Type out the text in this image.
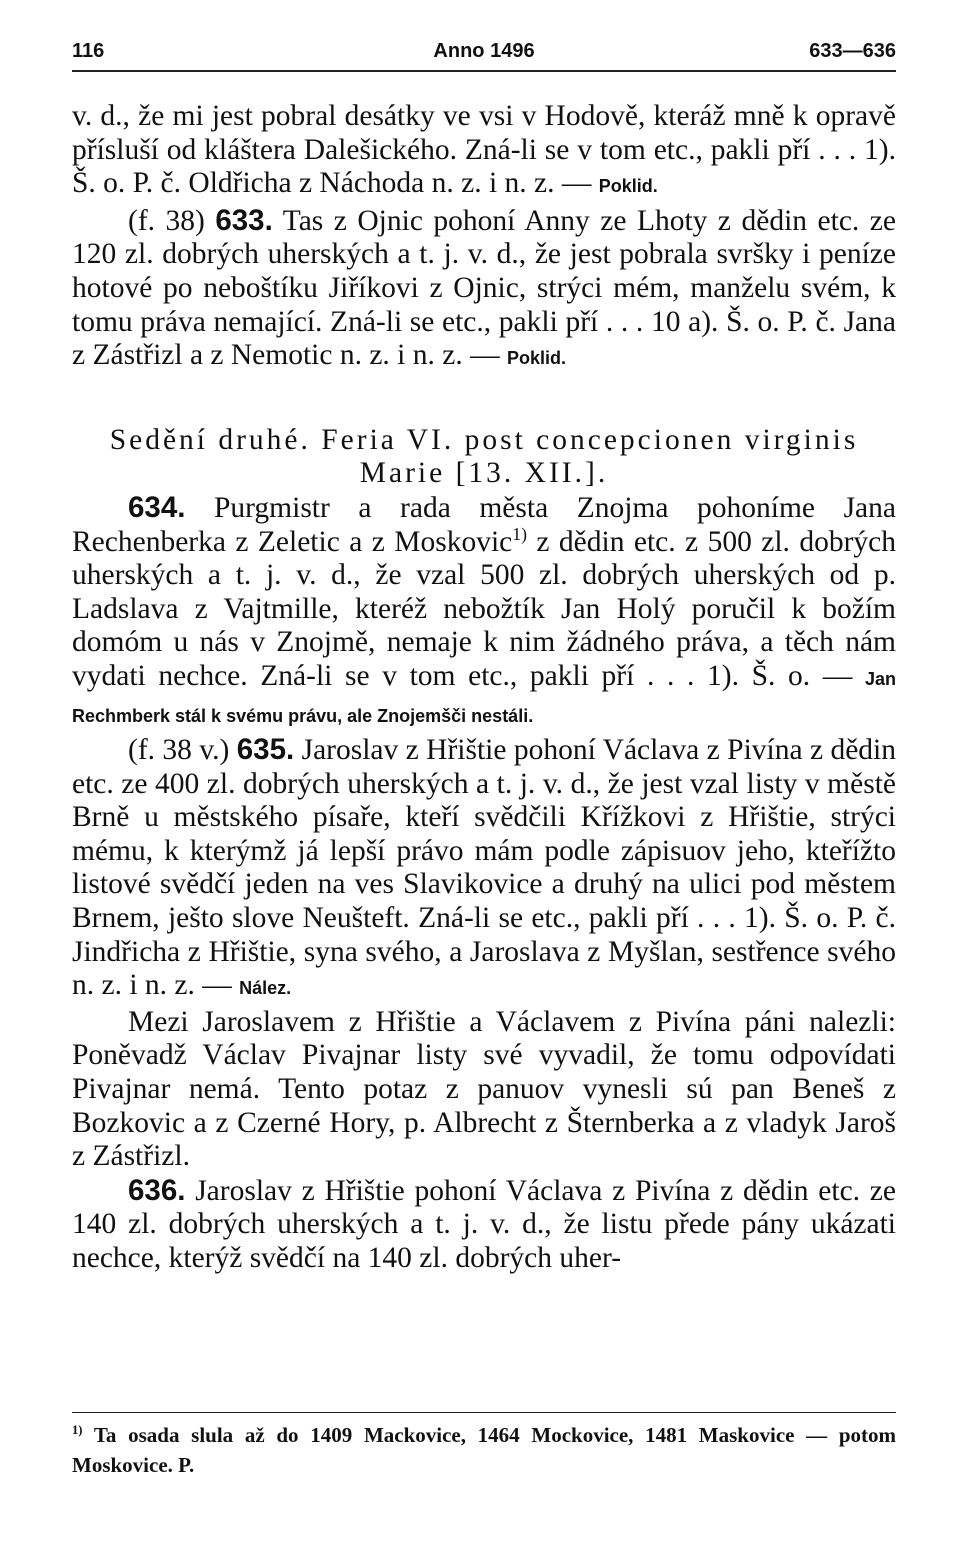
116	Anno 1496	633—636

v. d., že mi jest pobral desátky ve vsi v Hodově, kteráž mně k opravě přísluší od kláštera Dalešického. Zná-li se v tom etc., pakli pří . . . 1). Š. o. P. č. Oldřicha z Náchoda n. z. i n. z. — Poklid.

(f. 38) 633. Tas z Ojnic pohoní Anny ze Lhoty z dědin etc. ze 120 zl. dobrých uherských a t. j. v. d., že jest pobrala svršky i peníze hotové po neboštíku Jiříkovi z Ojnic, strýci mém, manželu svém, k tomu práva nemající. Zná-li se etc., pakli pří . . . 10 a). Š. o. P. č. Jana z Zástřizl a z Nemotic n. z. i n. z. — Poklid.

Sedění druhé. Feria VI. post concepcionen virginis Marie [13. XII.].

634. Purgmistr a rada města Znojma pohoníme Jana Rechenberka z Zeletic a z Moskovic$^{1)}$ z dědin etc. z 500 zl. dobrých uherských a t. j. v. d., že vzal 500 zl. dobrých uherských od p. Ladslava z Vajtmille, kteréž nebožtík Jan Holý poručil k božím domóm u nás v Znojmě, nemaje k nim žádného práva, a těch nám vydati nechce. Zná-li se v tom etc., pakli pří . . . 1). Š. o. — Jan Rechmberk stál k svému právu, ale Znojemšči nestáli.

(f. 38 v.) 635. Jaroslav z Hřištie pohoní Václava z Pivína z dědin etc. ze 400 zl. dobrých uherských a t. j. v. d., že jest vzal listy v městě Brně u městského písaře, kteří svědčili Křížkovi z Hřištie, strýci mému, k kterýmž já lepší právo mám podle zápisuov jeho, kteřížto listové svědčí jeden na ves Slavikovice a druhý na ulici pod městem Brnem, ješto slove Neušteft. Zná-li se etc., pakli pří . . . 1). Š. o. P. č. Jindřicha z Hřištie, syna svého, a Jaroslava z Myšlan, sestřence svého n. z. i n. z. — Nález.

Mezi Jaroslavem z Hřištie a Václavem z Pivína páni nalezli: Poněvadž Václav Pivajnar listy své vyvadil, že tomu odpovídati Pivajnar nemá. Tento potaz z panuov vynesli sú pan Beneš z Bozkovic a z Czerné Hory, p. Albrecht z Šternberka a z vladyk Jaroš z Zástřizl.

636. Jaroslav z Hřištie pohoní Václava z Pivína z dědin etc. ze 140 zl. dobrých uherských a t. j. v. d., že listu přede pány ukázati nechce, kterýž svědčí na 140 zl. dobrých uher-

$^{1)}$ Ta osada slula až do 1409 Mackovice, 1464 Mockovice, 1481 Maskovice — potom Moskovice. P.
